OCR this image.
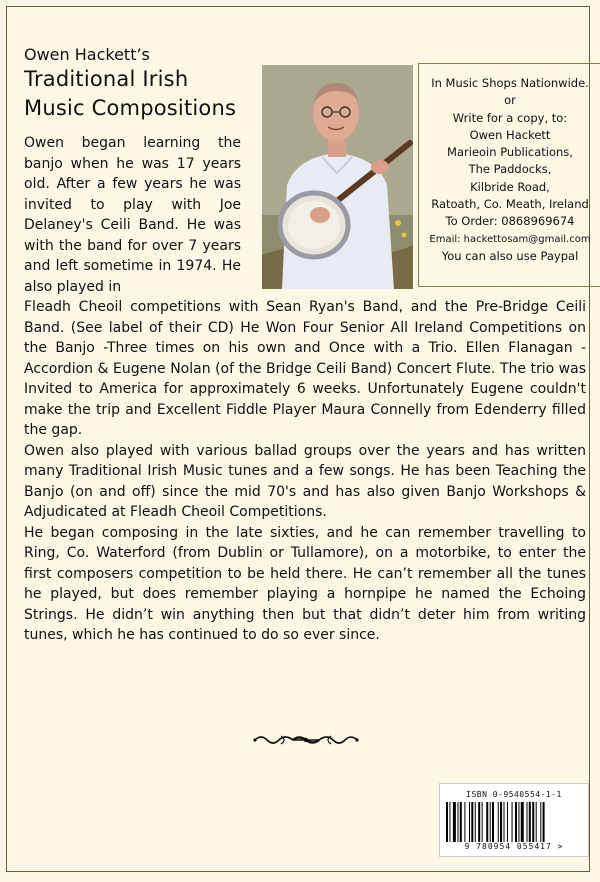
Owen Hackett’s

Traditional Irish

Music Compositions

In Music Shops Nationwide.
or
Write for a copy, to:
Owen Hackett
Marieoin Publications,
The Paddocks,
Kilbride Road,
Ratoath, Co. Meath, Ireland
To Order: 0868969674
Email: hackettosam@gmail.com
You can also use Paypal

Owen began learning the banjo when he was 17 years old. After a few years he was invited to play with Joe Delaney's Ceili Band. He was with the band for over 7 years and left sometime in 1974. He also played in

Fleadh Cheoil competitions with Sean Ryan's Band, and the Pre-Bridge Ceili Band. (See label of their CD) He Won Four Senior All Ireland Competitions on the Banjo -Three times on his own and Once with a Trio. Ellen Flanagan - Accordion & Eugene Nolan (of the Bridge Ceili Band) Concert Flute. The trio was Invited to America for approximately 6 weeks. Unfortunately Eugene couldn't make the trip and Excellent Fiddle Player Maura Connelly from Edenderry filled the gap.

Owen also played with various ballad groups over the years and has written many Traditional Irish Music tunes and a few songs. He has been Teaching the Banjo (on and off) since the mid 70's and has also given Banjo Workshops & Adjudicated at Fleadh Cheoil Competitions.

He began composing in the late sixties, and he can remember travelling to Ring, Co. Waterford (from Dublin or Tullamore), on a motorbike, to enter the first composers competition to be held there. He can’t remember all the tunes he played, but does remember playing a hornpipe he named the Echoing Strings. He didn’t win anything then but that didn’t deter him from writing tunes, which he has continued to do so ever since.

ISBN 0-9540554-1-1
9 780954 055417 >
